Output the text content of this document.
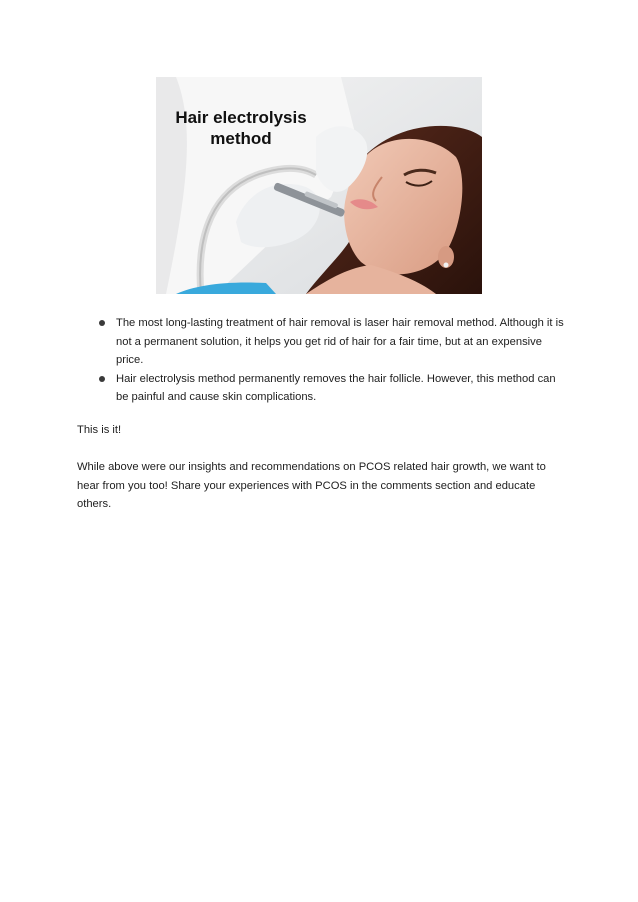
Hair electrolysis method
The most long-lasting treatment of hair removal is laser hair removal method. Although it is not a permanent solution, it helps you get rid of hair for a fair time, but at an expensive price.
Hair electrolysis method permanently removes the hair follicle. However, this method can be painful and cause skin complications.

This is it!

While above were our insights and recommendations on PCOS related hair growth, we want to hear from you too! Share your experiences with PCOS in the comments section and educate others.
